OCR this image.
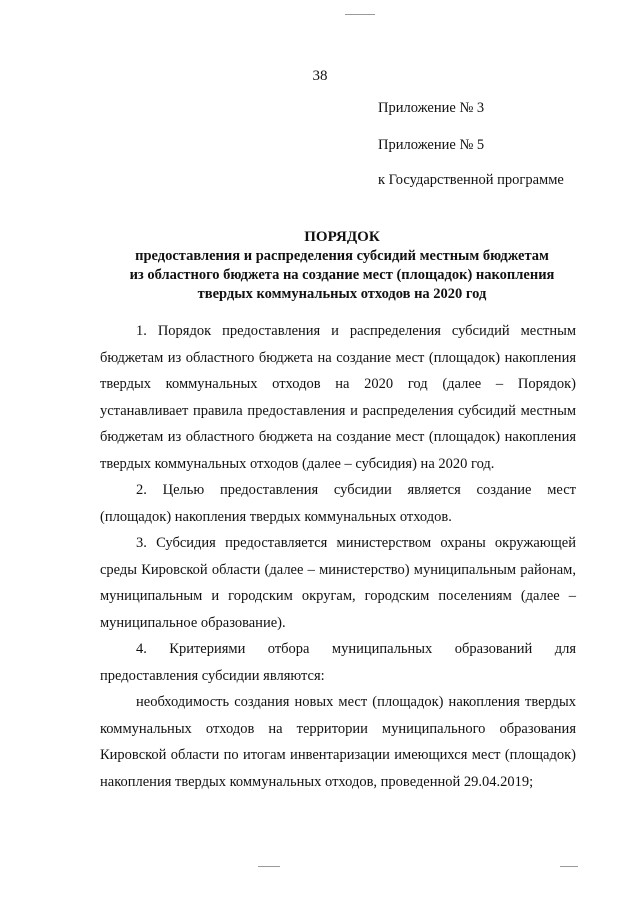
38
Приложение № 3
Приложение № 5
к Государственной программе
ПОРЯДОК
предоставления и распределения субсидий местным бюджетам
из областного бюджета на создание мест (площадок) накопления
твердых коммунальных отходов на 2020 год

1. Порядок предоставления и распределения субсидий местным бюджетам из областного бюджета на создание мест (площадок) накопления твердых коммунальных отходов на 2020 год (далее – Порядок) устанавливает правила предоставления и распределения субсидий местным бюджетам из областного бюджета на создание мест (площадок) накопления твердых коммунальных отходов (далее – субсидия) на 2020 год.

2. Целью предоставления субсидии является создание мест (площадок) накопления твердых коммунальных отходов.

3. Субсидия предоставляется министерством охраны окружающей среды Кировской области (далее – министерство) муниципальным районам, муниципальным и городским округам, городским поселениям (далее – муниципальное образование).

4. Критериями отбора муниципальных образований для предоставления субсидии являются:

необходимость создания новых мест (площадок) накопления твердых коммунальных отходов на территории муниципального образования Кировской области по итогам инвентаризации имеющихся мест (площадок) накопления твердых коммунальных отходов, проведенной 29.04.2019;
